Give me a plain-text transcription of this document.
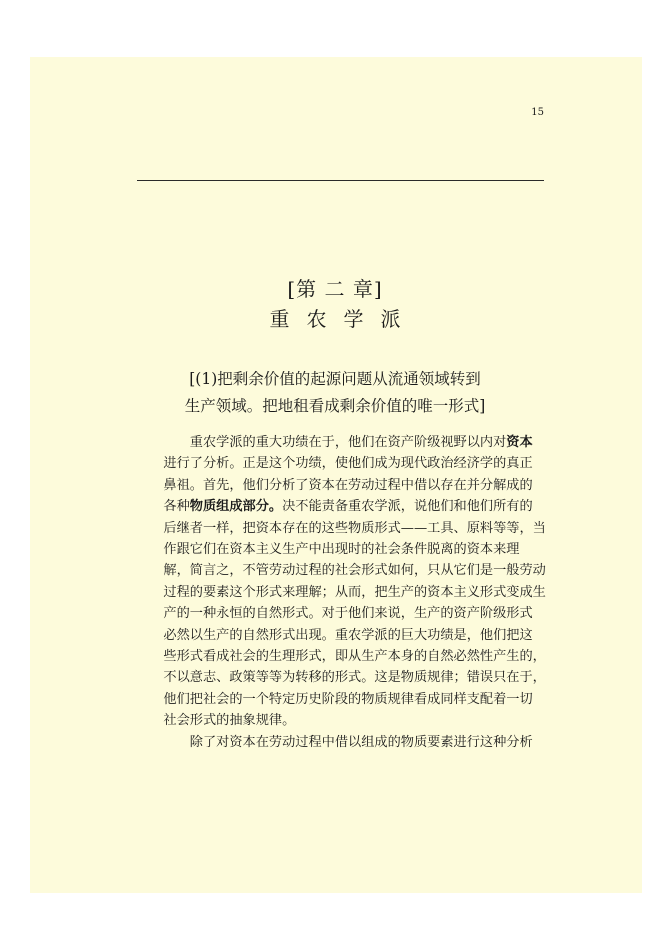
15
[第 二 章]
重农学派
[(1)把剩余价值的起源问题从流通领域转到
生产领域。把地租看成剩余价值的唯一形式]
重农学派的重大功绩在于，他们在资产阶级视野以内对资本
进行了分析。正是这个功绩，使他们成为现代政治经济学的真正
鼻祖。首先，他们分析了资本在劳动过程中借以存在并分解成的
各种物质组成部分。决不能责备重农学派，说他们和他们所有的
后继者一样，把资本存在的这些物质形式——工具、原料等等，当
作跟它们在资本主义生产中出现时的社会条件脱离的资本来理
解，简言之，不管劳动过程的社会形式如何，只从它们是一般劳动
过程的要素这个形式来理解；从而，把生产的资本主义形式变成生
产的一种永恒的自然形式。对于他们来说，生产的资产阶级形式
必然以生产的自然形式出现。重农学派的巨大功绩是，他们把这
些形式看成社会的生理形式，即从生产本身的自然必然性产生的，
不以意志、政策等等为转移的形式。这是物质规律；错误只在于，
他们把社会的一个特定历史阶段的物质规律看成同样支配着一切
社会形式的抽象规律。
除了对资本在劳动过程中借以组成的物质要素进行这种分析
